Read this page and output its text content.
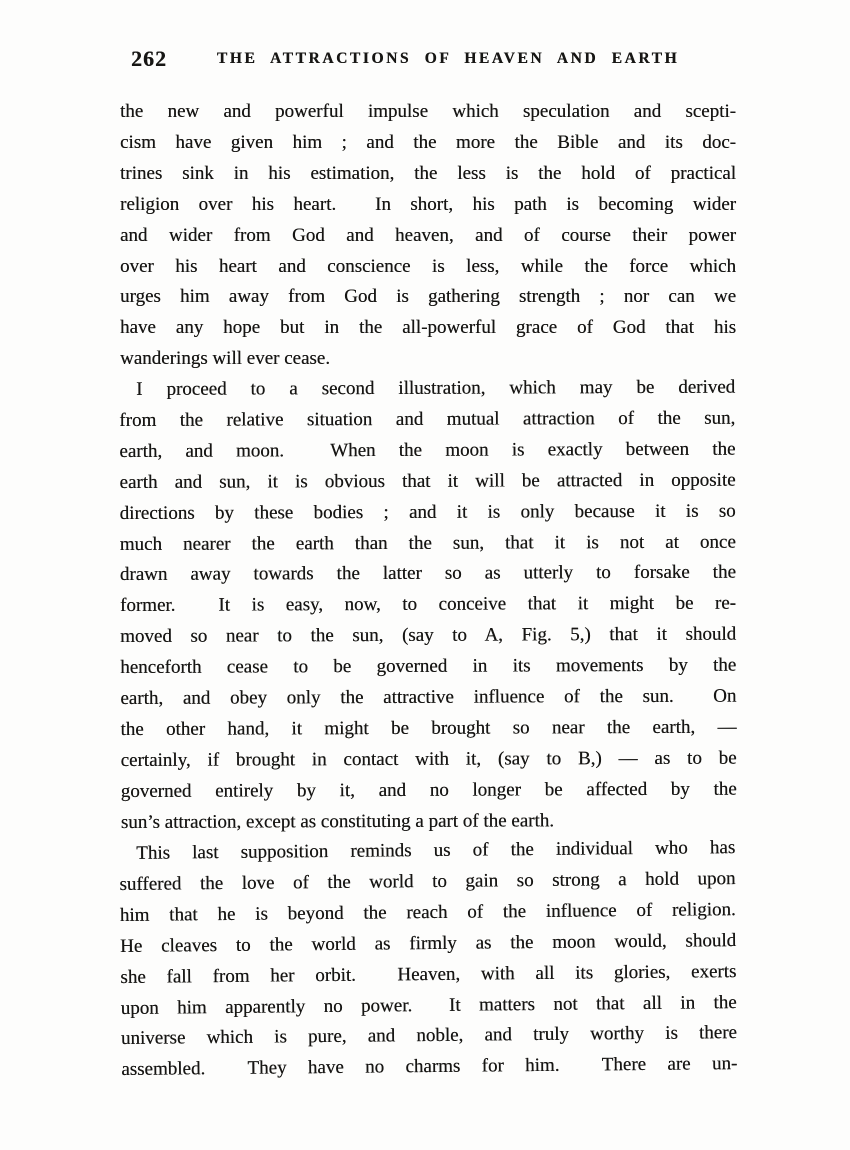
262	THE ATTRACTIONS OF HEAVEN AND EARTH
the new and powerful impulse which speculation and scepti-
cism have given him ; and the more the Bible and its doc-
trines sink in his estimation, the less is the hold of practical
religion over his heart.  In short, his path is becoming wider
and wider from God and heaven, and of course their power
over his heart and conscience is less, while the force which
urges him away from God is gathering strength ; nor can we
have any hope but in the all-powerful grace of God that his
wanderings will ever cease.
I proceed to a second illustration, which may be derived
from the relative situation and mutual attraction of the sun,
earth, and moon.  When the moon is exactly between the
earth and sun, it is obvious that it will be attracted in opposite
directions by these bodies ; and it is only because it is so
much nearer the earth than the sun, that it is not at once
drawn away towards the latter so as utterly to forsake the
former.  It is easy, now, to conceive that it might be re-
moved so near to the sun, (say to A, Fig. 5,) that it should
henceforth cease to be governed in its movements by the
earth, and obey only the attractive influence of the sun.  On
the other hand, it might be brought so near the earth, —
certainly, if brought in contact with it, (say to B,) — as to be
governed entirely by it, and no longer be affected by the
sun’s attraction, except as constituting a part of the earth.
This last supposition reminds us of the individual who has
suffered the love of the world to gain so strong a hold upon
him that he is beyond the reach of the influence of religion.
He cleaves to the world as firmly as the moon would, should
she fall from her orbit.  Heaven, with all its glories, exerts
upon him apparently no power.  It matters not that all in the
universe which is pure, and noble, and truly worthy is there
assembled.  They have no charms for him.  There are un-
